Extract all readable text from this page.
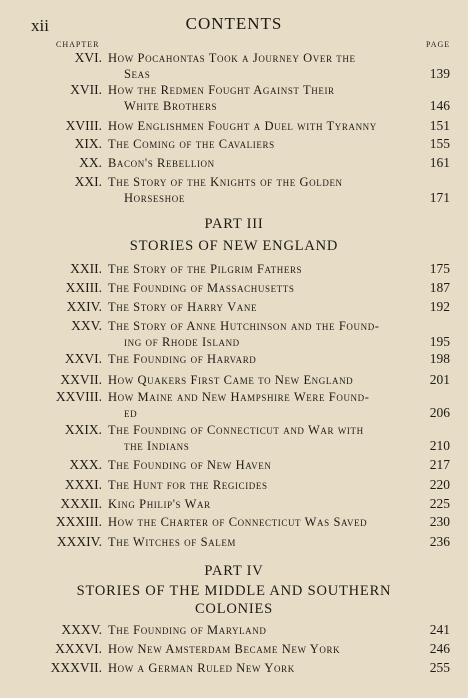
xii	CONTENTS
CHAPTER	PAGE
PART III
STORIES OF NEW ENGLAND
PART IV
STORIES OF THE MIDDLE AND SOUTHERN
COLONIES
XVI. How Pocahontas Took a Journey Over the
Seas	139
XVII. How the Redmen Fought Against Their
White Brothers	146
XVIII. How Englishmen Fought a Duel with Tyranny	151
XIX. The Coming of the Cavaliers	155
XX. Bacon's Rebellion	161
XXI. The Story of the Knights of the Golden
Horseshoe	171
XXII. The Story of the Pilgrim Fathers	175
XXIII. The Founding of Massachusetts	187
XXIV. The Story of Harry Vane	192
XXV. The Story of Anne Hutchinson and the Found-
ing of Rhode Island	195
XXVI. The Founding of Harvard	198
XXVII. How Quakers First Came to New England	201
XXVIII. How Maine and New Hampshire Were Found-
ed	206
XXIX. The Founding of Connecticut and War with
the Indians	210
XXX. The Founding of New Haven	217
XXXI. The Hunt for the Regicides	220
XXXII. King Philip's War	225
XXXIII. How the Charter of Connecticut Was Saved	230
XXXIV. The Witches of Salem	236
XXXV. The Founding of Maryland	241
XXXVI. How New Amsterdam Became New York	246
XXXVII. How a German Ruled New York	255
